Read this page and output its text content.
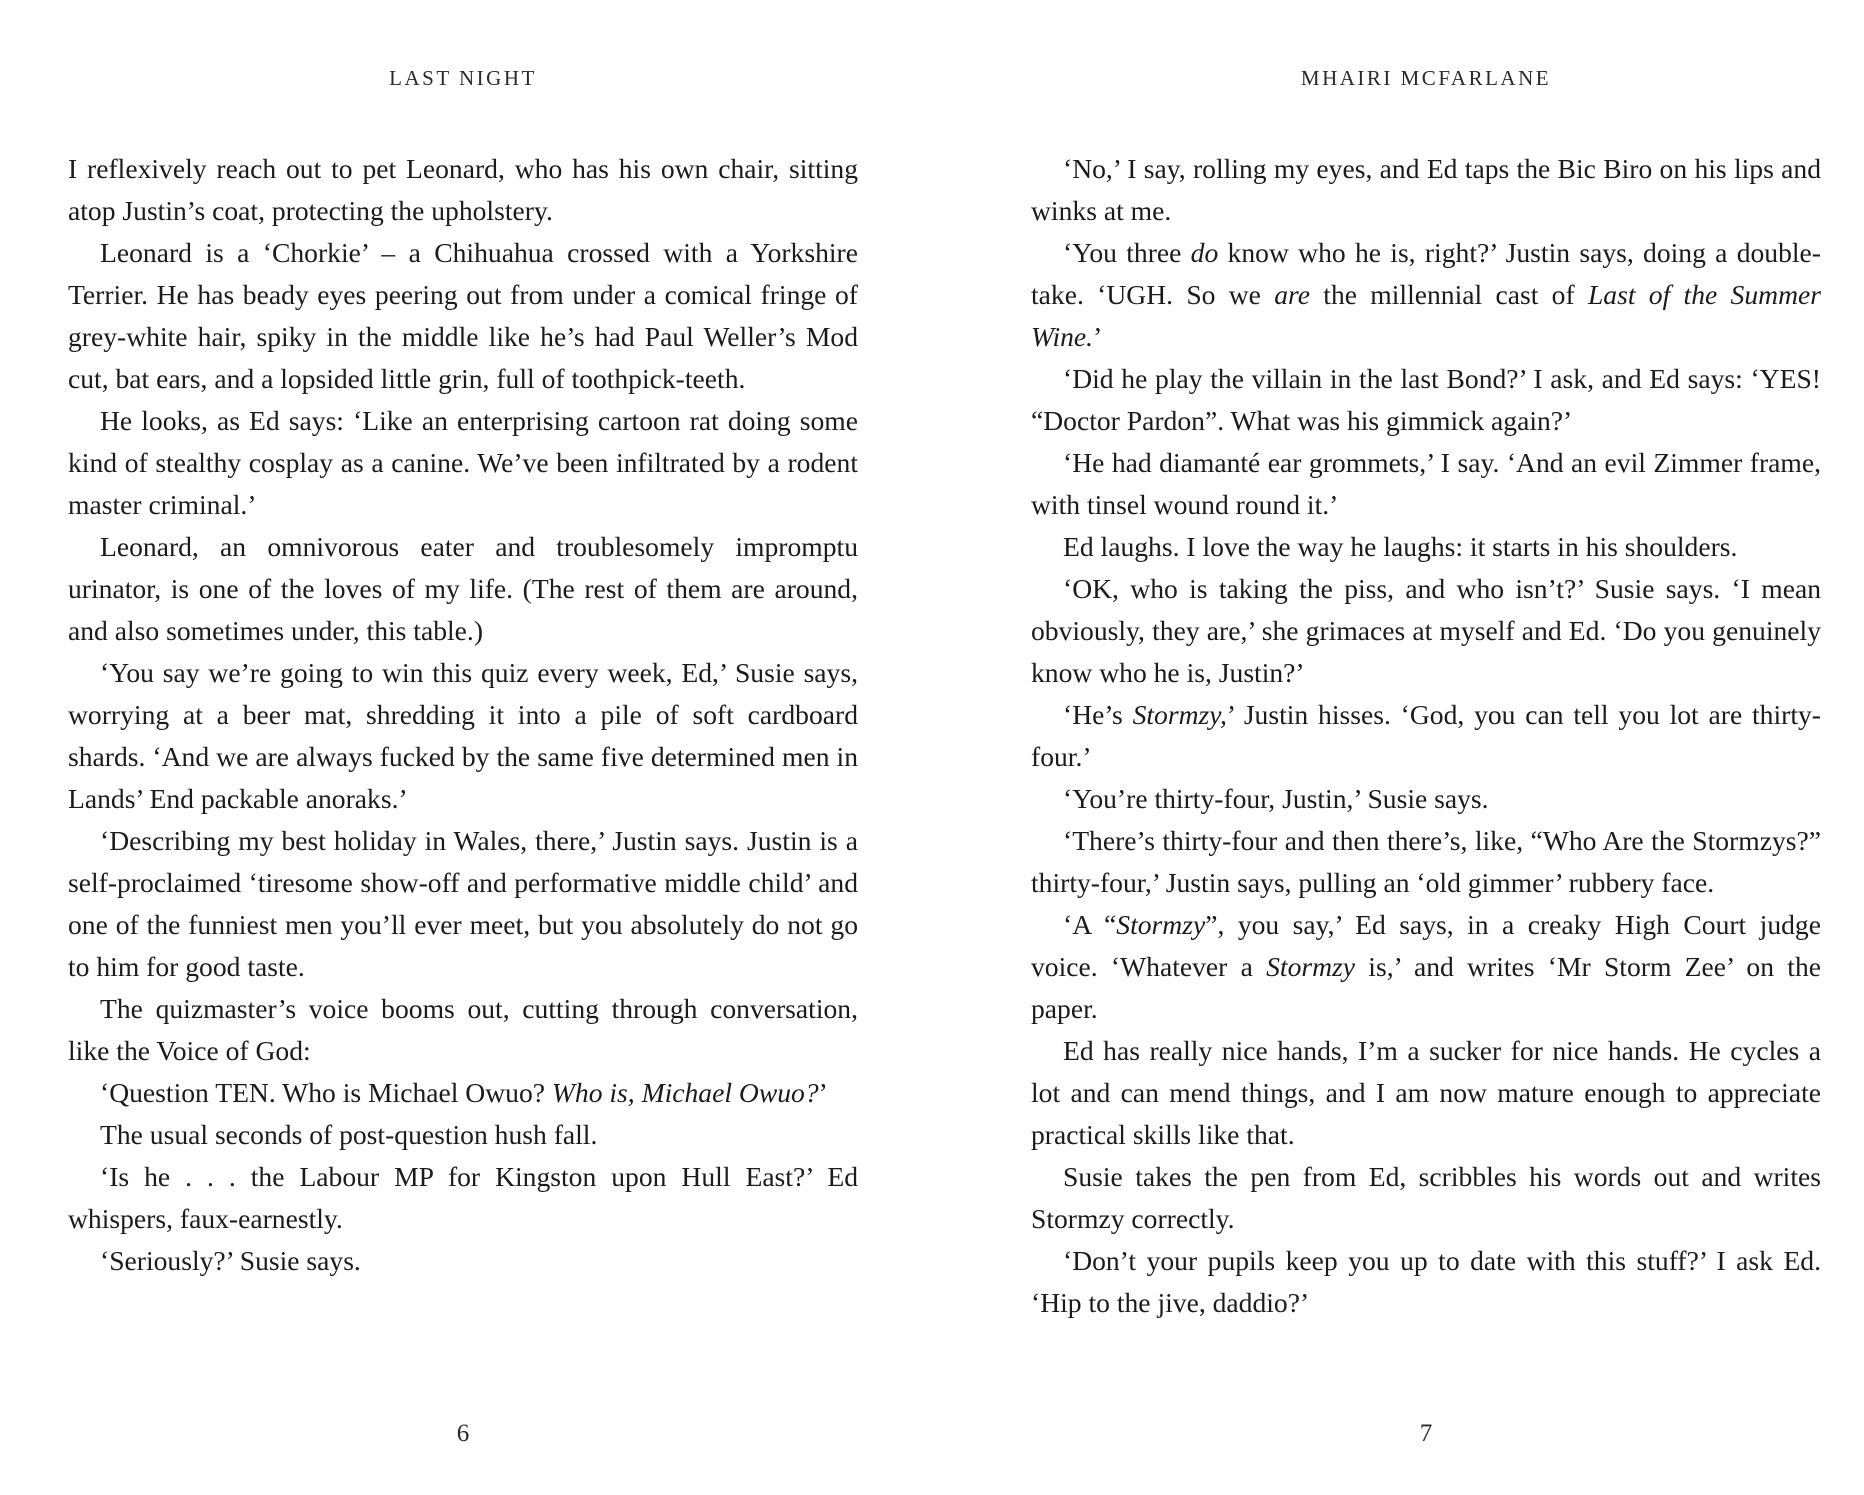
LAST NIGHT

I reflexively reach out to pet Leonard, who has his own chair, sitting atop Justin’s coat, protecting the upholstery.

Leonard is a ‘Chorkie’ – a Chihuahua crossed with a Yorkshire Terrier. He has beady eyes peering out from under a comical fringe of grey-white hair, spiky in the middle like he’s had Paul Weller’s Mod cut, bat ears, and a lopsided little grin, full of toothpick-teeth.

He looks, as Ed says: ‘Like an enterprising cartoon rat doing some kind of stealthy cosplay as a canine. We’ve been infiltrated by a rodent master criminal.’

Leonard, an omnivorous eater and troublesomely impromptu urinator, is one of the loves of my life. (The rest of them are around, and also sometimes under, this table.)

‘You say we’re going to win this quiz every week, Ed,’ Susie says, worrying at a beer mat, shredding it into a pile of soft cardboard shards. ‘And we are always fucked by the same five determined men in Lands’ End packable anoraks.’

‘Describing my best holiday in Wales, there,’ Justin says. Justin is a self-proclaimed ‘tiresome show-off and performative middle child’ and one of the funniest men you’ll ever meet, but you absolutely do not go to him for good taste.

The quizmaster’s voice booms out, cutting through conversation, like the Voice of God:

‘Question TEN. Who is Michael Owuo? Who is, Michael Owuo?’

The usual seconds of post-question hush fall.

‘Is he . . . the Labour MP for Kingston upon Hull East?’ Ed whispers, faux-earnestly.

‘Seriously?’ Susie says.

6
MHAIRI MCFARLANE

‘No,’ I say, rolling my eyes, and Ed taps the Bic Biro on his lips and winks at me.

‘You three do know who he is, right?’ Justin says, doing a double-take. ‘UGH. So we are the millennial cast of Last of the Summer Wine.’

‘Did he play the villain in the last Bond?’ I ask, and Ed says: ‘YES! “Doctor Pardon”. What was his gimmick again?’

‘He had diamanté ear grommets,’ I say. ‘And an evil Zimmer frame, with tinsel wound round it.’

Ed laughs. I love the way he laughs: it starts in his shoulders.

‘OK, who is taking the piss, and who isn’t?’ Susie says. ‘I mean obviously, they are,’ she grimaces at myself and Ed. ‘Do you genuinely know who he is, Justin?’

‘He’s Stormzy,’ Justin hisses. ‘God, you can tell you lot are thirty-four.’

‘You’re thirty-four, Justin,’ Susie says.

‘There’s thirty-four and then there’s, like, “Who Are the Stormzys?” thirty-four,’ Justin says, pulling an ‘old gimmer’ rubbery face.

‘A “Stormzy”, you say,’ Ed says, in a creaky High Court judge voice. ‘Whatever a Stormzy is,’ and writes ‘Mr Storm Zee’ on the paper.

Ed has really nice hands, I’m a sucker for nice hands. He cycles a lot and can mend things, and I am now mature enough to appreciate practical skills like that.

Susie takes the pen from Ed, scribbles his words out and writes Stormzy correctly.

‘Don’t your pupils keep you up to date with this stuff?’ I ask Ed. ‘Hip to the jive, daddio?’

7
